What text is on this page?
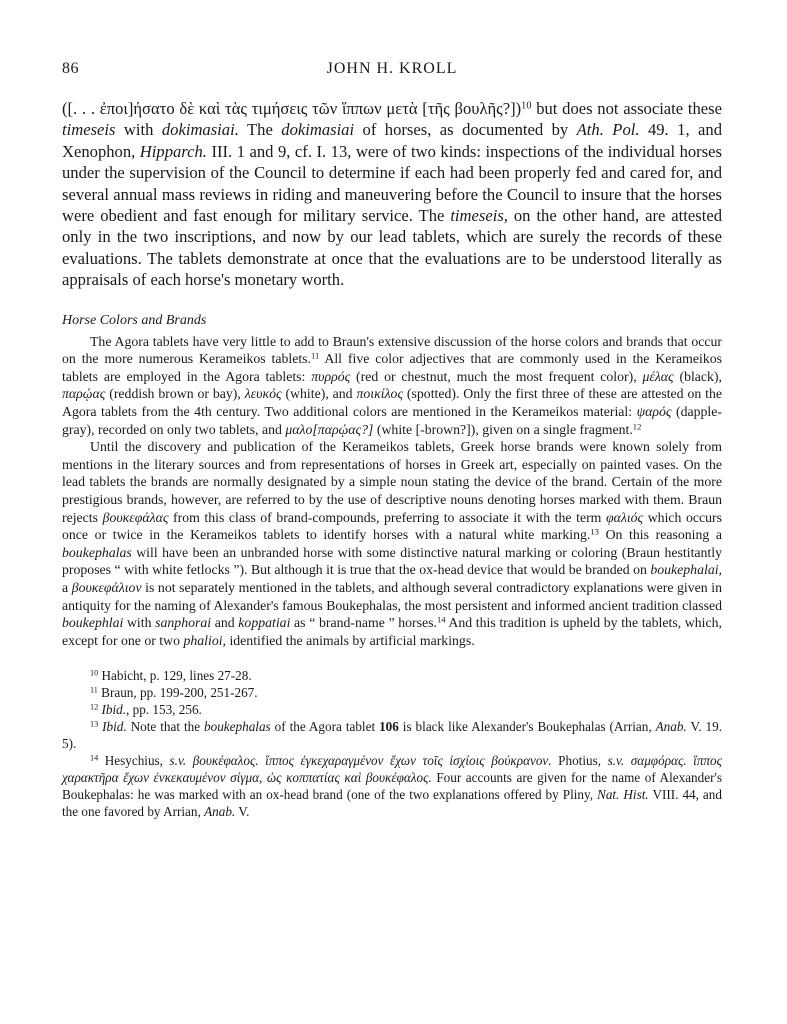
86	JOHN H. KROLL

([. . . ἐποι]ήσατο δὲ καὶ τὰς τιμήσεις τῶν ἵππων μετὰ [τῆς βουλῆς?])$^{10}$ but does not associate these timeseis with dokimasiai. The dokimasiai of horses, as documented by Ath. Pol. 49. 1, and Xenophon, Hipparch. III. 1 and 9, cf. I. 13, were of two kinds: inspections of the individual horses under the supervision of the Council to determine if each had been properly fed and cared for, and several annual mass reviews in riding and maneuvering before the Council to insure that the horses were obedient and fast enough for military service. The timeseis, on the other hand, are attested only in the two inscriptions, and now by our lead tablets, which are surely the records of these evaluations. The tablets demonstrate at once that the evaluations are to be understood literally as appraisals of each horse's monetary worth.

Horse Colors and Brands

The Agora tablets have very little to add to Braun's extensive discussion of the horse colors and brands that occur on the more numerous Kerameikos tablets.$^{11}$ All five color adjectives that are commonly used in the Kerameikos tablets are employed in the Agora tablets: πυρρός (red or chestnut, much the most frequent color), μέλας (black), παρῴας (reddish brown or bay), λευκός (white), and ποικίλος (spotted). Only the first three of these are attested on the Agora tablets from the 4th century. Two additional colors are mentioned in the Kerameikos material: ψαρός (dapple-gray), recorded on only two tablets, and μαλο[παρῴας?] (white [-brown?]), given on a single fragment.$^{12}$

Until the discovery and publication of the Kerameikos tablets, Greek horse brands were known solely from mentions in the literary sources and from representations of horses in Greek art, especially on painted vases. On the lead tablets the brands are normally designated by a simple noun stating the device of the brand. Certain of the more prestigious brands, however, are referred to by the use of descriptive nouns denoting horses marked with them. Braun rejects βουκεφάλας from this class of brand-compounds, preferring to associate it with the term φαλιός which occurs once or twice in the Kerameikos tablets to identify horses with a natural white marking.$^{13}$ On this reasoning a boukephalas will have been an unbranded horse with some distinctive natural marking or coloring (Braun hestitantly proposes “ with white fetlocks ”). But although it is true that the ox-head device that would be branded on boukephalai, a βουκεφάλιον is not separately mentioned in the tablets, and although several contradictory explanations were given in antiquity for the naming of Alexander's famous Boukephalas, the most persistent and informed ancient tradition classed boukephlai with sanphorai and koppatiai as “ brand-name ” horses.$^{14}$ And this tradition is upheld by the tablets, which, except for one or two phalioi, identified the animals by artificial markings.

$^{10}$ Habicht, p. 129, lines 27-28.

$^{11}$ Braun, pp. 199-200, 251-267.

$^{12}$ Ibid., pp. 153, 256.

$^{13}$ Ibid. Note that the boukephalas of the Agora tablet 106 is black like Alexander's Boukephalas (Arrian, Anab. V. 19. 5).

$^{14}$ Hesychius, s.v. βουκέφαλος. ἵππος ἐγκεχαραγμένον ἔχων τοῖς ἰσχίοις βούκρανον. Photius, s.v. σαμφόρας. ἵππος χαρακτῆρα ἔχων ἐνκεκαυμένον σίγμα, ὡς κοππατίας καὶ βουκέφαλος. Four accounts are given for the name of Alexander's Boukephalas: he was marked with an ox-head brand (one of the two explanations offered by Pliny, Nat. Hist. VIII. 44, and the one favored by Arrian, Anab. V.
